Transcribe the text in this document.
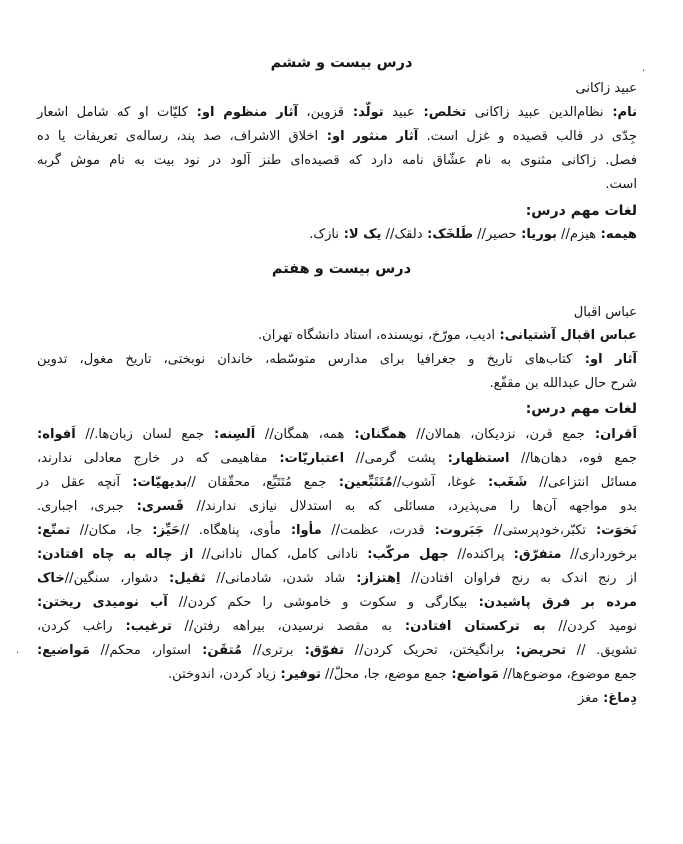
درس بیست و ششم
عبید زاکانی
نام: نظام‌الدین عبید زاکانی تخلص: عبید تولّد: قزوین، آثار منظوم او: کلیّات او که شامل اشعار
جِدّی در قالب قصیده و غزل است. آثار منثور او: اخلاق الاشراف، صد پند، رساله‌ی تعریفات یا ده
فصل. زاکانی مثنوی به نام عشّاق نامه دارد که قصیده‌ای طنز آلود در نود بیت به نام موش گربه
است.
لغات مهم درس:
هیمه: هیزم// بوریا: حصیر// طَلخَک: دلقک// یک لا: نازک.
درس بیست و هفتم
عباس اقبال
عباس اقبال آشتیانی: ادیب، مورّخ، نویسنده، استاد دانشگاه تهران.
آثار او: کتاب‌های تاریخ و جغرافیا برای مدارس متوسّطه، خاندان نوبختی، تاریخ مغول، تدوین
شرح حال عبدالله بن مقفّع.
لغات مهم درس:
اَقران: جمع قرن، نزدیکان، همالان// همگنان: همه، همگان// اَلسِنه: جمع لسان زبان‌ها.// اَفواه:
جمع فوه، دهان‌ها// استظهار: پشت گرمی// اعتباریّات: مفاهیمی که در خارج معادلی ندارند،
مسائل انتزاعی// شَغَب: غوغا، آشوب//مُتَتَبِّعین: جمع مُتَتَبِّع، محقّقان //بدیهیّات: آنچه عقل در
بدو مواجهه آن‌ها را می‌پذیرد، مسائلی که به استدلال نیازی ندارند// قَسری: جبری، اجباری.
نَخوَت: تکبّر،خودپرستی// جَبَروت: قدرت، عظمت// مأوا: مأوی، پناهگاه. //حَیِّز: جا، مکان// تمتّع:
برخورداری// متفرّق: پراکنده// جهل مرکّب: نادانی کامل، کمال نادانی// از چاله به چاه افتادن:
از رنج اندک به رنج فراوان افتادن// اِهتزاز: شاد شدن، شادمانی// ثقیل: دشوار، سنگین//خاک
مرده بر فرق پاشیدن: بیکارگی و سکوت و خاموشی را حکم کردن// آب نومیدی ریختن:
نومید کردن// به ترکستان افتادن: به مقصد نرسیدن، بیراهه رفتن// ترغیب: راغب کردن،
تشویق. // تحریض: برانگیختن، تحریک کردن// تفوّق: برتری// مُتقَن: استوار، محکم// مَواضیع:
جمع موضوع، موضوع‌ها// مَواضع: جمع موضع، جا، محلّ// توفیر: زیاد کردن، اندوختن.
دِماغ: مغز
·
·
